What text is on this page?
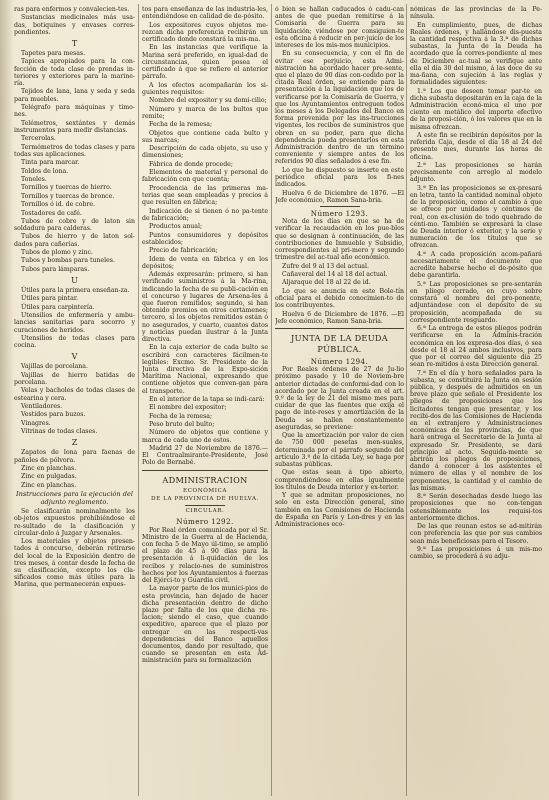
ras para enfermos y convalecien-tes.

Sustancias medicinales más usa-das, botiquines y envases corres-pondientes.

T

Tapetes para mesas.

Tapices apropiados para la con-fección de toda clase de prendas in-teriores y exteriores para la marine-ría.

Tejidos de lana, lana y seda y seda para muebles.

Telégrafo para máquinas y timo-nes.

Telémetros, sextántes y demás instrumentos para medir distancias.

Tercerolas.

Termómetros de todas clases y para todas sus aplicaciones.

Tinta para marcar.

Toldos de lona.

Toneles.

Tornillos y tuercas de hierro.

Tornillos y tuercas de bronce.

Tornillos ó id. de cobre.

Tostadores de café.

Tubos de cobre y de laton sin soldadura para calderas.

Tubos de hierro y de laton sol-dados para cañerías.

Tubos de plomo y zinc.

Tubos y bombas para tuneles.

Tubos para lámparas.

U

Útiles para la primera enseñan-za.

Útiles para pintar.

Útiles para carpintería.

Utensilios de enfermería y ambu-lancias sanitarias para socorro y curaciones de heridos.

Utensilios de todas clases para cocina.

V

Vajillas de porcelana.

Vajillas de hierro batidas de porcelana.

Velas y bacholes de todas clases de estearina y cera.

Ventiladores.

Vestidos para buzos.

Vinagres.

Vitrinas de todas clases.

Z

Zapatos de lona para faenas de pañoles de pólvora.

Zinc en planchas.

Zinc en pulgadas.

Zinc en planchas.

Instrucciones para la ejecución del adjunto reglamento.

Se clasificarán nominalmente los ob-jetos expuestos prohibiéndose el re-sultado de la clasificación y circular-dolo á Juzgar y Arsenales.

Los materiales y objetos presen-tados á concurso, deberán retirarse del local de la Exposición dentro de tres meses, á contar desde la fecha de su clasificación, excepto los cla-sificados como más útiles para la Marina, que permanecerán expues-

tos para enseñanza de las industria-les, entendiéndose en calidad de de-pósito.

Los expositores cuyos objetos me-rezcan dicha preferencia recibirán un certificado donde constará la mis-ma.

En las instancias que verifique la Marina será preferido, en igual-dad de circunstancias, quien posea el certificado á que se refiere el anterior párrafo.

A los efectos acompañarán los si-guientes requisitos:

Nombre del expositor y su domi-cilio;

Número y marca de los bultos que remite;

Fecha de la remesa;

Objetos que contiene cada bulto y sus marcas;

Descripción de cada objeto, su uso y dimensiones;

Fábrica de donde procede;

Elementos de material y personal de fabricación con que cuenta;

Procedencia de las primeras ma-terias que sean empleadas y precios á que resulten en fábrica;

Indicación de si tienen ó no pa-tente de fabricación;

Productos anual;

Puntos consumidores y depósitos establecidos;

Precio de fabricación;

Idem de venta en fábrica y en los depósitos;

Además expresarán: primero, si han verificado suministros á la Ma-rina, indicando la fecha de su publi-cación en el concurso y lugares de Arsena-les á que fueron remitidos; segundo, si han obtenido premios en otros certámenes; tercero, si los objetos remitidos están ó no asegurados, y cuarto, cuantos datos y noticias puedan ilustrar á la Junta directiva.

En la caja exterior de cada bulto se escribirá con caracteres fácilmen-te legibles: Excmo. Sr. Presidente de la Junta directiva de la Expo-sición Marítima Nacional, expresando que contiene objetos que conven-gan para el transporte.

En el interior de la tapa se indi-cará:

El nombre del expositor;

Fecha de la remesa;

Peso bruto del bulto;

Número de objetos que contiene y marca de cada uno de estos.

Madrid 27 de Noviembre de 1876.—El Contraalmirante-Presidente, José Polo de Bernabé.

ADMINISTRACION
ECONÓMICA
DE LA PROVINCIA DE HUELVA.
CIRCULAR.
Número 1292.

Por Real órden comunicada por el Sr. Ministro de la Guerra al de Hacienda, con fecha 5 de Mayo úl-timo, se amplió el plazo de 45 á 90 días para la presentación á li-quidación de los recibos y relacio-nes de suministros hechos por los Ayuntamientos á fuerzas del Ejérci-to y Guardia civil.

La mayor parte de los munici-pios de esta provincia, han dejado de hacer dicha presentación dentro de dicho plazo por falta de los que dicha re-lacion; siendo el caso, que cuando expeditivo, aparece que el plazo por entregar en las respecti-vas dependencias del Banco aquellos documentos, dando por resultado, que cuando se presentan en esta Ad-ministración para su formalización

ó bien se hallan caducados ó cadu-can antes de que puedan remitirse á la Comisaría de Guerra para su liquidación; viéndose por consiguien-te esta oficina á reducir en per-juicio de los intereses de los mis-mos municipios.

En su consecuencia, y con el fin de evitar ese perjuicio, esta Admi-nistración ha acordado hacer pre-sente, que el plazo de 90 días con-cedido por la citada Real órden, se entiende para la presentación á la liquidación que los de verificarse por la Comisaría de Guerra, y que los Ayuntamientos entreguen todos los meses á los Delegados del Banco en forma prevenida por las ins-trucciones vigentes, los recibos de suministros que obren en su poder, para que dicha dependencia pueda presentarlos en esta Administración dentro de un término conveniente y siempre antes de los referidos 90 días señalados á ese fin.

Lo que he dispuesto se inserte en este periódico oficial para los fi-nes indicados.

Huelva 6 de Diciembre de 1876. —El Jefe económico, Ramon Sana-bria.

Número 1293.

Nota de los días en que se ha de verificar la recaudación en los pue-blos que se designan á continuación, de las contribuciones de Inmueble y Subsidio, correspondientes al pri-mero y segundo trimestre del ac-tual año económico.

Zufre del 9 al 13 del actual.

Cañaveral del 14 al 18 del actual.

Aljaraque del 18 al 22 de id.

Lo que se anuncia en este Bole-tín oficial para el debido conocimien-to de los contribuyentes.

Huelva 6 de Diciembre de 1876. —El Jefe económico, Ramon Sana-bria.

JUNTA DE LA DEUDA PÚBLICA.
Número 1294.

Por Reales órdenes de 27 de Ju-lio próximo pasado y 10 de Noviem-bre anterior dictadas de conformi-dad con lo acordado por la Junta creada en el art. 9.º de la ley de 21 del mismo mes para cuidar de que las fuentes que exija el pago de inte-reses y amortización de la Deuda se hallen constantemente aseguradas, se previene:

Que la amortización por valor de cien de 750 000 pesetas men-suales, determinada por el párrafo segundo del artículo 3.º de la citada Ley, se haga por subastas públicas.

Que estas sean á tipo abierto, comprendiéndose en ellas igualmente los títulos de Deuda interior y ex-terior.

Y que se admitan proposiciones, no solo en esta Dirección general, sino también en las Comisiones de Hacienda de España en París y Lon-dres y en las Administraciones eco-

nómicas de las provincias de la Pe-nínsula.

En cumplimiento, pues, de dichas Reales órdenes, y hallándose dis-puesta la cantidad respectiva á la 3.ª de dichas subastas, la Junta de la Deuda ha acordado que la corres-pondiente al mes de Diciembre ac-tual se verifique ante ella el día 30 del mismo, á las doce de su ma-ñana, con sujeción á las reglas y formalidades siguientes:

1.ª Los que deseen tomar par-te en dicha subasta depositarán en la caja de la Administración econó-mica el uno por ciento en metálico del importe efectivo de la proposi-ción, ó los valores que en la misma ofrezcan.

A este fin se recibirán depósitos por la referida Caja, desde el día 18 al 24 del presente mes, durante las horas de oficina.

2.ª Las proposiciones se harán precisamente con arreglo al modelo adjunto.

3.ª En las proposiciones se ex-presará en letra, tanto la cantidad nominal objeto de la proposición, como el cambio á que se ofrece por unidades y céntimos de real, con ex-clusión de todo quebrado de cénti-mo. También se expresará la clase de Deuda interior ó exterior, y la serie y numeración de los títulos que se ofrezcan.

4.ª A cada proposición acom-pañará necesariamente el documento que acredite haberse hecho el de-pósito que debe garantirla.

5.ª Las proposiciones se pre-sentarán en pliego cerrado, en cuyo sobre constará el nombre del pro-ponente, adjuntándose con el depósito de su proposición, acompañada de su correspondiente resguardo.

6.ª La entrega de estos pliegos podrán verificarse en la Adminis-tración económica en los expresa-dos días, ó sea desde el 18 al 24 ambos inclusivos, para que por el correo del siguiente día 25 sean re-mitidos á esta Dirección general.

7.ª En el día y hora señalados para la subasta, se constituirá la Junta en sesión pública, y después de admitidos en un breve plazo que señale el Presidente los pliegos de proposiciones que los licitadores tengan que presentar, y los recibi-dos de las Comisiones de Hacienda en el extranjero y Administraciones económicas de las provincias, de que hará entrega el Secretario de la Junta al expresado Sr. Presidente, se dará principio al acto. Seguida-mente se abrirán los pliegos de proposiciones, dando á conocer á los asistentes el número de ellas y el nombre de los proponentes, la cantidad y el cambio de las mismas.

8.ª Serán desechadas desde luego las proposiciones que no con-tengan ostensiblemente los requisi-tos anteriormente dichos.

De las que reunan estos se ad-mitirán con preferencia las que por sus cambios sean más beneficiosas para el Tesoro.

9.ª Las proposiciones á un mis-mo cambio, se procederá á su adju-
